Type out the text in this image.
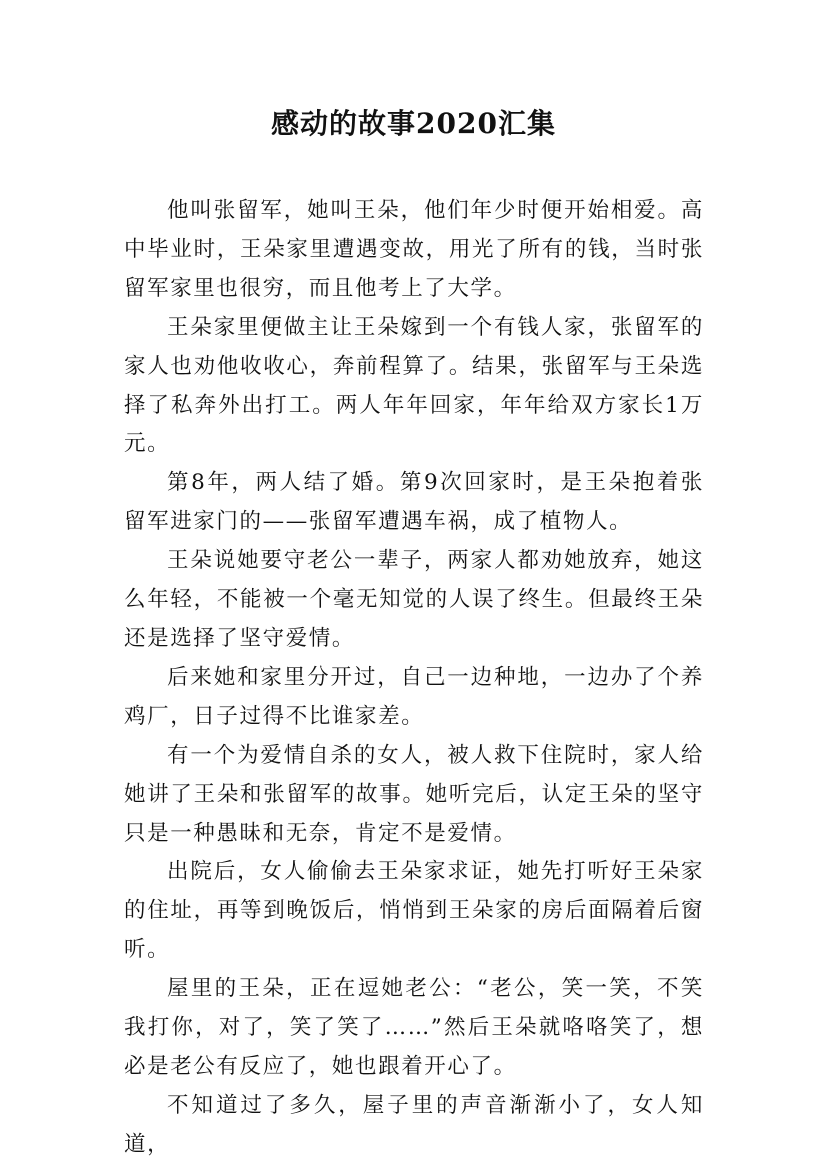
感动的故事2020汇集

他叫张留军，她叫王朵，他们年少时便开始相爱。高中毕业时，王朵家里遭遇变故，用光了所有的钱，当时张留军家里也很穷，而且他考上了大学。

王朵家里便做主让王朵嫁到一个有钱人家，张留军的家人也劝他收收心，奔前程算了。结果，张留军与王朵选择了私奔外出打工。两人年年回家，年年给双方家长1万元。

第8年，两人结了婚。第9次回家时，是王朵抱着张留军进家门的——张留军遭遇车祸，成了植物人。

王朵说她要守老公一辈子，两家人都劝她放弃，她这么年轻，不能被一个毫无知觉的人误了终生。但最终王朵还是选择了坚守爱情。

后来她和家里分开过，自己一边种地，一边办了个养鸡厂，日子过得不比谁家差。

有一个为爱情自杀的女人，被人救下住院时，家人给她讲了王朵和张留军的故事。她听完后，认定王朵的坚守只是一种愚昧和无奈，肯定不是爱情。

出院后，女人偷偷去王朵家求证，她先打听好王朵家的住址，再等到晚饭后，悄悄到王朵家的房后面隔着后窗听。

屋里的王朵，正在逗她老公：“老公，笑一笑，不笑我打你，对了，笑了笑了……”然后王朵就咯咯笑了，想必是老公有反应了，她也跟着开心了。

不知道过了多久，屋子里的声音渐渐小了，女人知道，
